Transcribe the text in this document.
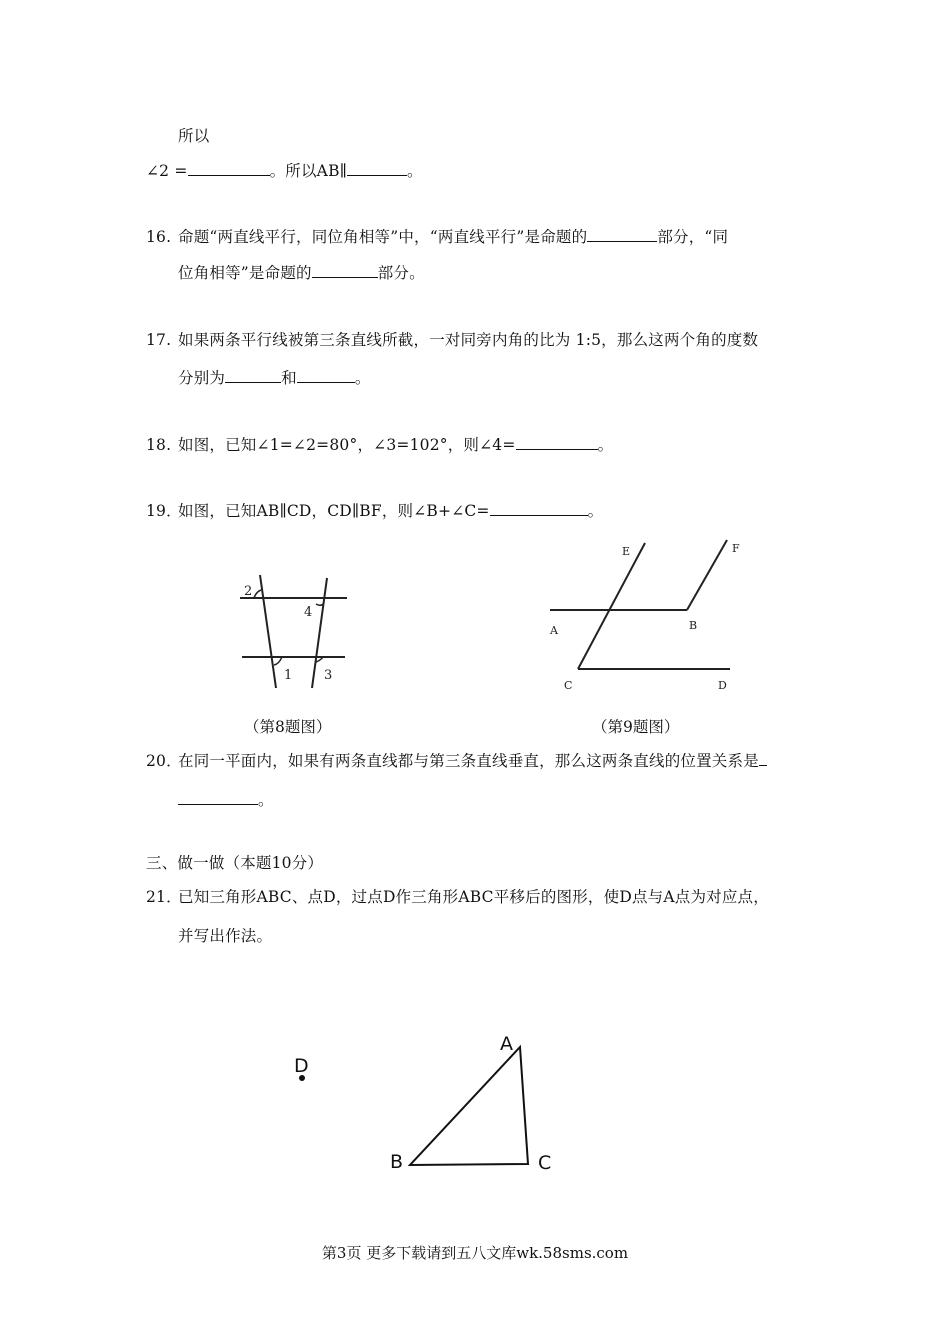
所以
∠2 =	。所以AB∥	。
16. 命题“两直线平行，同位角相等”中，“两直线平行”是命题的	部分，“同
位角相等”是命题的	部分。
17. 如果两条平行线被第三条直线所截，一对同旁内角的比为 1:5，那么这两个角的度数
分别为	和	。
18. 如图，已知∠1=∠2=80°，∠3=102°，则∠4=	。
19．如图，已知AB∥CD，CD∥BF，则∠B+∠C=	。
2
4
1 3
（第8题图）
E	F
A	B
C	D
（第9题图）
20．在同一平面内，如果有两条直线都与第三条直线垂直，那么这两条直线的位置关系是
。
三、做一做（本题10分）
21．已知三角形ABC、点D，过点D作三角形ABC平移后的图形，使D点与A点为对应点，
并写出作法。
A
B	C
D
第3页 更多下载请到五八文库wk.58sms.com
